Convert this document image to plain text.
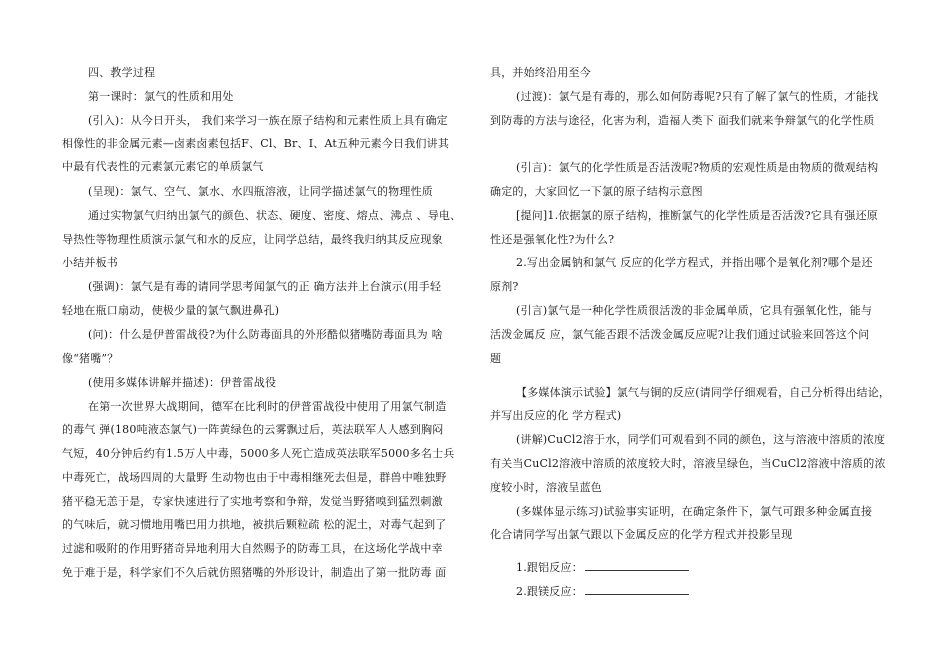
四、教学过程
第一课时：氯气的性质和用处
(引入)：从今日开头， 我们来学习一族在原子结构和元素性质上具有确定
相像性的非金属元素—卤素卤素包括F、Cl、Br、I、At五种元素今日我们讲其
中最有代表性的元素氯元素它的单质氯气
(呈现)：氯气、空气、氯水、水四瓶溶液，让同学描述氯气的物理性质
通过实物氯气归纳出氯气的颜色、状态、硬度、密度、熔点、沸点 、导电、
导热性等物理性质演示氯气和水的反应，让同学总结，最终我归纳其反应现象
小结并板书
(强调)：氯气是有毒的请同学思考闻氯气的正 确方法并上台演示(用手轻
轻地在瓶口扇动，使极少量的氯气飘进鼻孔)
(问)：什么是伊普雷战役?为什么防毒面具的外形酷似猪嘴防毒面具为 啥
像“猪嘴”？
(使用多媒体讲解并描述)：伊普雷战役
在第一次世界大战期间，德军在比利时的伊普雷战役中使用了用氯气制造
的毒气 弹(180吨液态氯气)一阵黄绿色的云雾飘过后，英法联军人人感到胸闷
气短，40分钟后约有1.5万人中毒，5000多人死亡造成英法联军5000多名士兵
中毒死亡，战场四周的大量野 生动物也由于中毒相继死去但是，群兽中唯独野
猪平稳无恙于是，专家快速进行了实地考察和争辩，发觉当野猪嗅到猛烈刺激
的气味后，就习惯地用嘴巴用力拱地，被拱后颗粒疏 松的泥土，对毒气起到了
过滤和吸附的作用野猪奇异地利用大自然赐予的防毒工具，在这场化学战中幸
免于难于是，科学家们不久后就仿照猪嘴的外形设计，制造出了第一批防毒 面
具，并始终沿用至今
(过渡)：氯气是有毒的，那么如何防毒呢?只有了解了氯气的性质，才能找
到防毒的方法与途径，化害为利，造福人类下 面我们就来争辩氯气的化学性质
(引言)：氯气的化学性质是否活泼呢?物质的宏观性质是由物质的微观结构
确定的，大家回忆一下氯的原子结构示意图
[提问]1.依据氯的原子结构，推断氯气的化学性质是否活泼?它具有强还原
性还是强氧化性?为什么?
2.写出金属钠和氯气 反应的化学方程式，并指出哪个是氧化剂?哪个是还
原剂?
(引言)氯气是一种化学性质很活泼的非金属单质，它具有强氧化性，能与
活泼金属反 应，氯气能否跟不活泼金属反应呢?让我们通过试验来回答这个问
题
【多媒体演示试验】氯气与铜的反应(请同学仔细观看，自己分析得出结论，
并写出反应的化 学方程式)
(讲解)CuCl2溶于水，同学们可观看到不同的颜色，这与溶液中溶质的浓度
有关当CuCl2溶液中溶质的浓度较大时，溶液呈绿色，当CuCl2溶液中溶质的浓
度较小时，溶液呈蓝色
(多媒体显示练习)试验事实证明，在确定条件下，氯气可跟多种金属直接
化合请同学写出氯气跟以下金属反应的化学方程式并投影呈现
1.跟铝反应：
2.跟镁反应：
